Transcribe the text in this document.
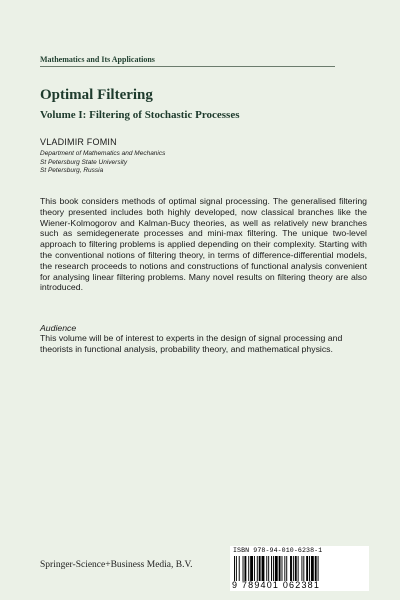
Mathematics and Its Applications
Optimal Filtering
Volume I: Filtering of Stochastic Processes
VLADIMIR FOMIN
Department of Mathematics and Mechanics
St Petersburg State University
St Petersburg, Russia
This book considers methods of optimal signal processing. The generalised filtering theory presented includes both highly developed, now classical branches like the Wiener-Kolmogorov and Kalman-Bucy theories, as well as relatively new branches such as semidegenerate processes and mini-max filtering. The unique two-level approach to filtering problems is applied depending on their complexity. Starting with the conventional notions of filtering theory, in terms of difference-differential models, the research proceeds to notions and constructions of functional analysis convenient for analysing linear filtering problems. Many novel results on filtering theory are also introduced.
Audience
This volume will be of interest to experts in the design of signal processing and theorists in functional analysis, probability theory, and mathematical physics.
Springer-Science+Business Media, B.V.
ISBN 978-94-010-6238-1
9 789401 062381
